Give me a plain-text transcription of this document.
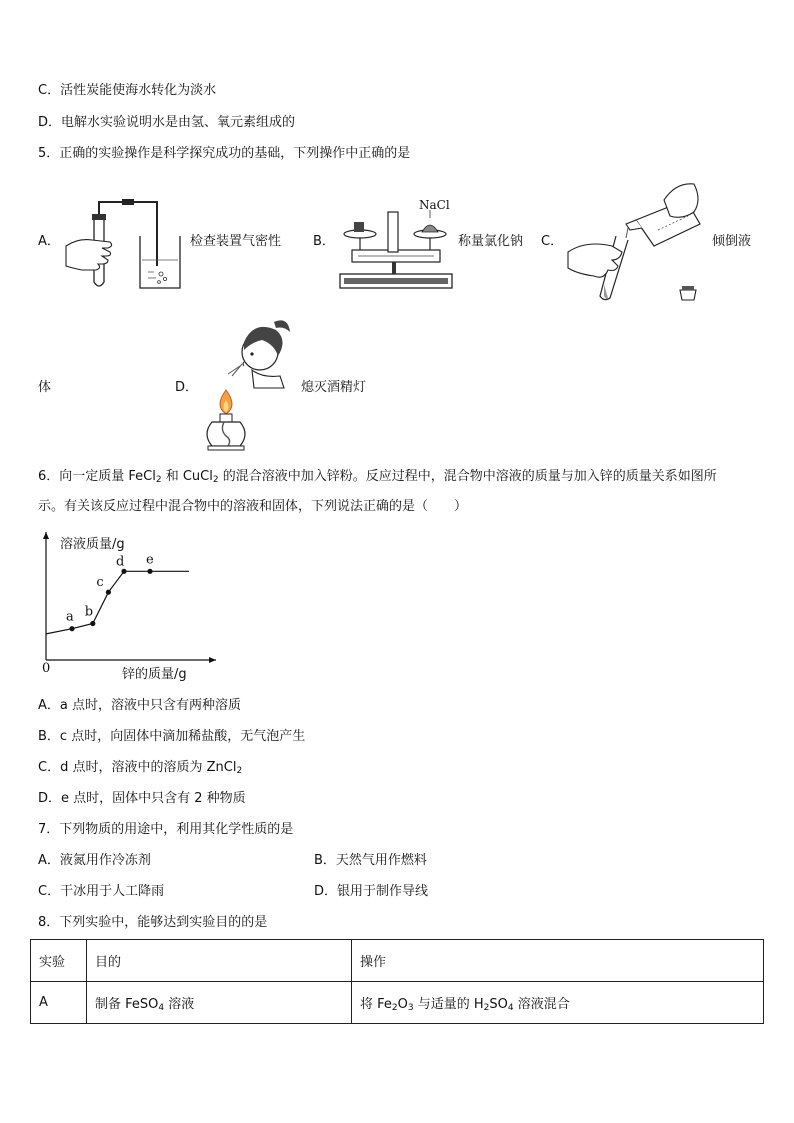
C．活性炭能使海水转化为淡水
D．电解水实验说明水是由氢、氧元素组成的
5．正确的实验操作是科学探究成功的基础，下列操作中正确的是
A．	检查装置气密性 B．
NaCl
称量氯化钠 C．	倾倒液
体	D．	熄灭酒精灯
6．向一定质量 FeCl$_2$ 和 CuCl$_2$ 的混合溶液中加入锌粉。反应过程中，混合物中溶液的质量与加入锌的质量关系如图所
示。有关该反应过程中混合物中的溶液和固体，下列说法正确的是（　　）
溶液质量/g
锌的质量/g
0
a b
c
d e
A．a 点时，溶液中只含有两种溶质
B．c 点时，向固体中滴加稀盐酸，无气泡产生
C．d 点时，溶液中的溶质为 ZnCl$_2$
D．e 点时，固体中只含有 2 种物质
7．下列物质的用途中，利用其化学性质的是
A．液氮用作冷冻剂	B．天然气用作燃料
C．干冰用于人工降雨	D．银用于制作导线
8．下列实验中，能够达到实验目的的是
实验	目的	操作
A	制备 FeSO$_4$ 溶液	将 $Fe_2O_3$ 与适量的 $H_2SO_4$ 溶液混合
